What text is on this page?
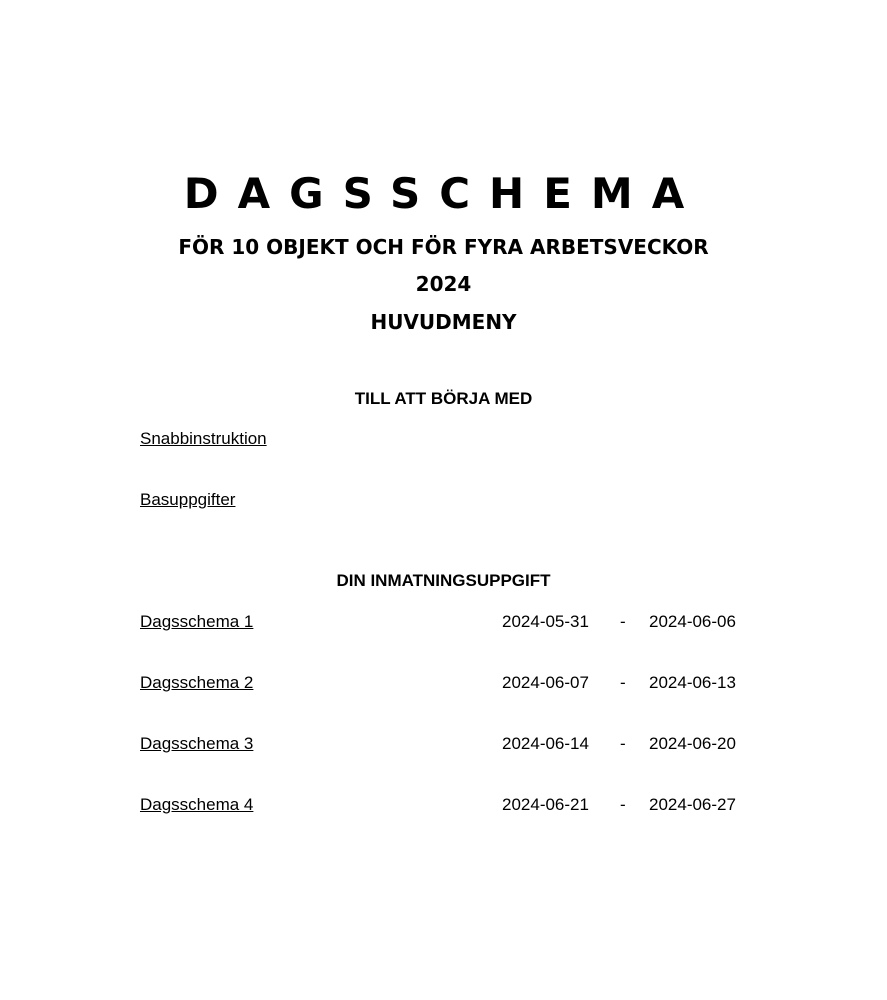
DAGSSCHEMA
FÖR 10 OBJEKT OCH FÖR FYRA ARBETSVECKOR
2024
HUVUDMENY
TILL ATT BÖRJA MED
Snabbinstruktion
Basuppgifter
DIN INMATNINGSUPPGIFT
Dagsschema 1	2024-05-31 - 2024-06-06
Dagsschema 2	2024-06-07 - 2024-06-13
Dagsschema 3	2024-06-14 - 2024-06-20
Dagsschema 4	2024-06-21 - 2024-06-27
